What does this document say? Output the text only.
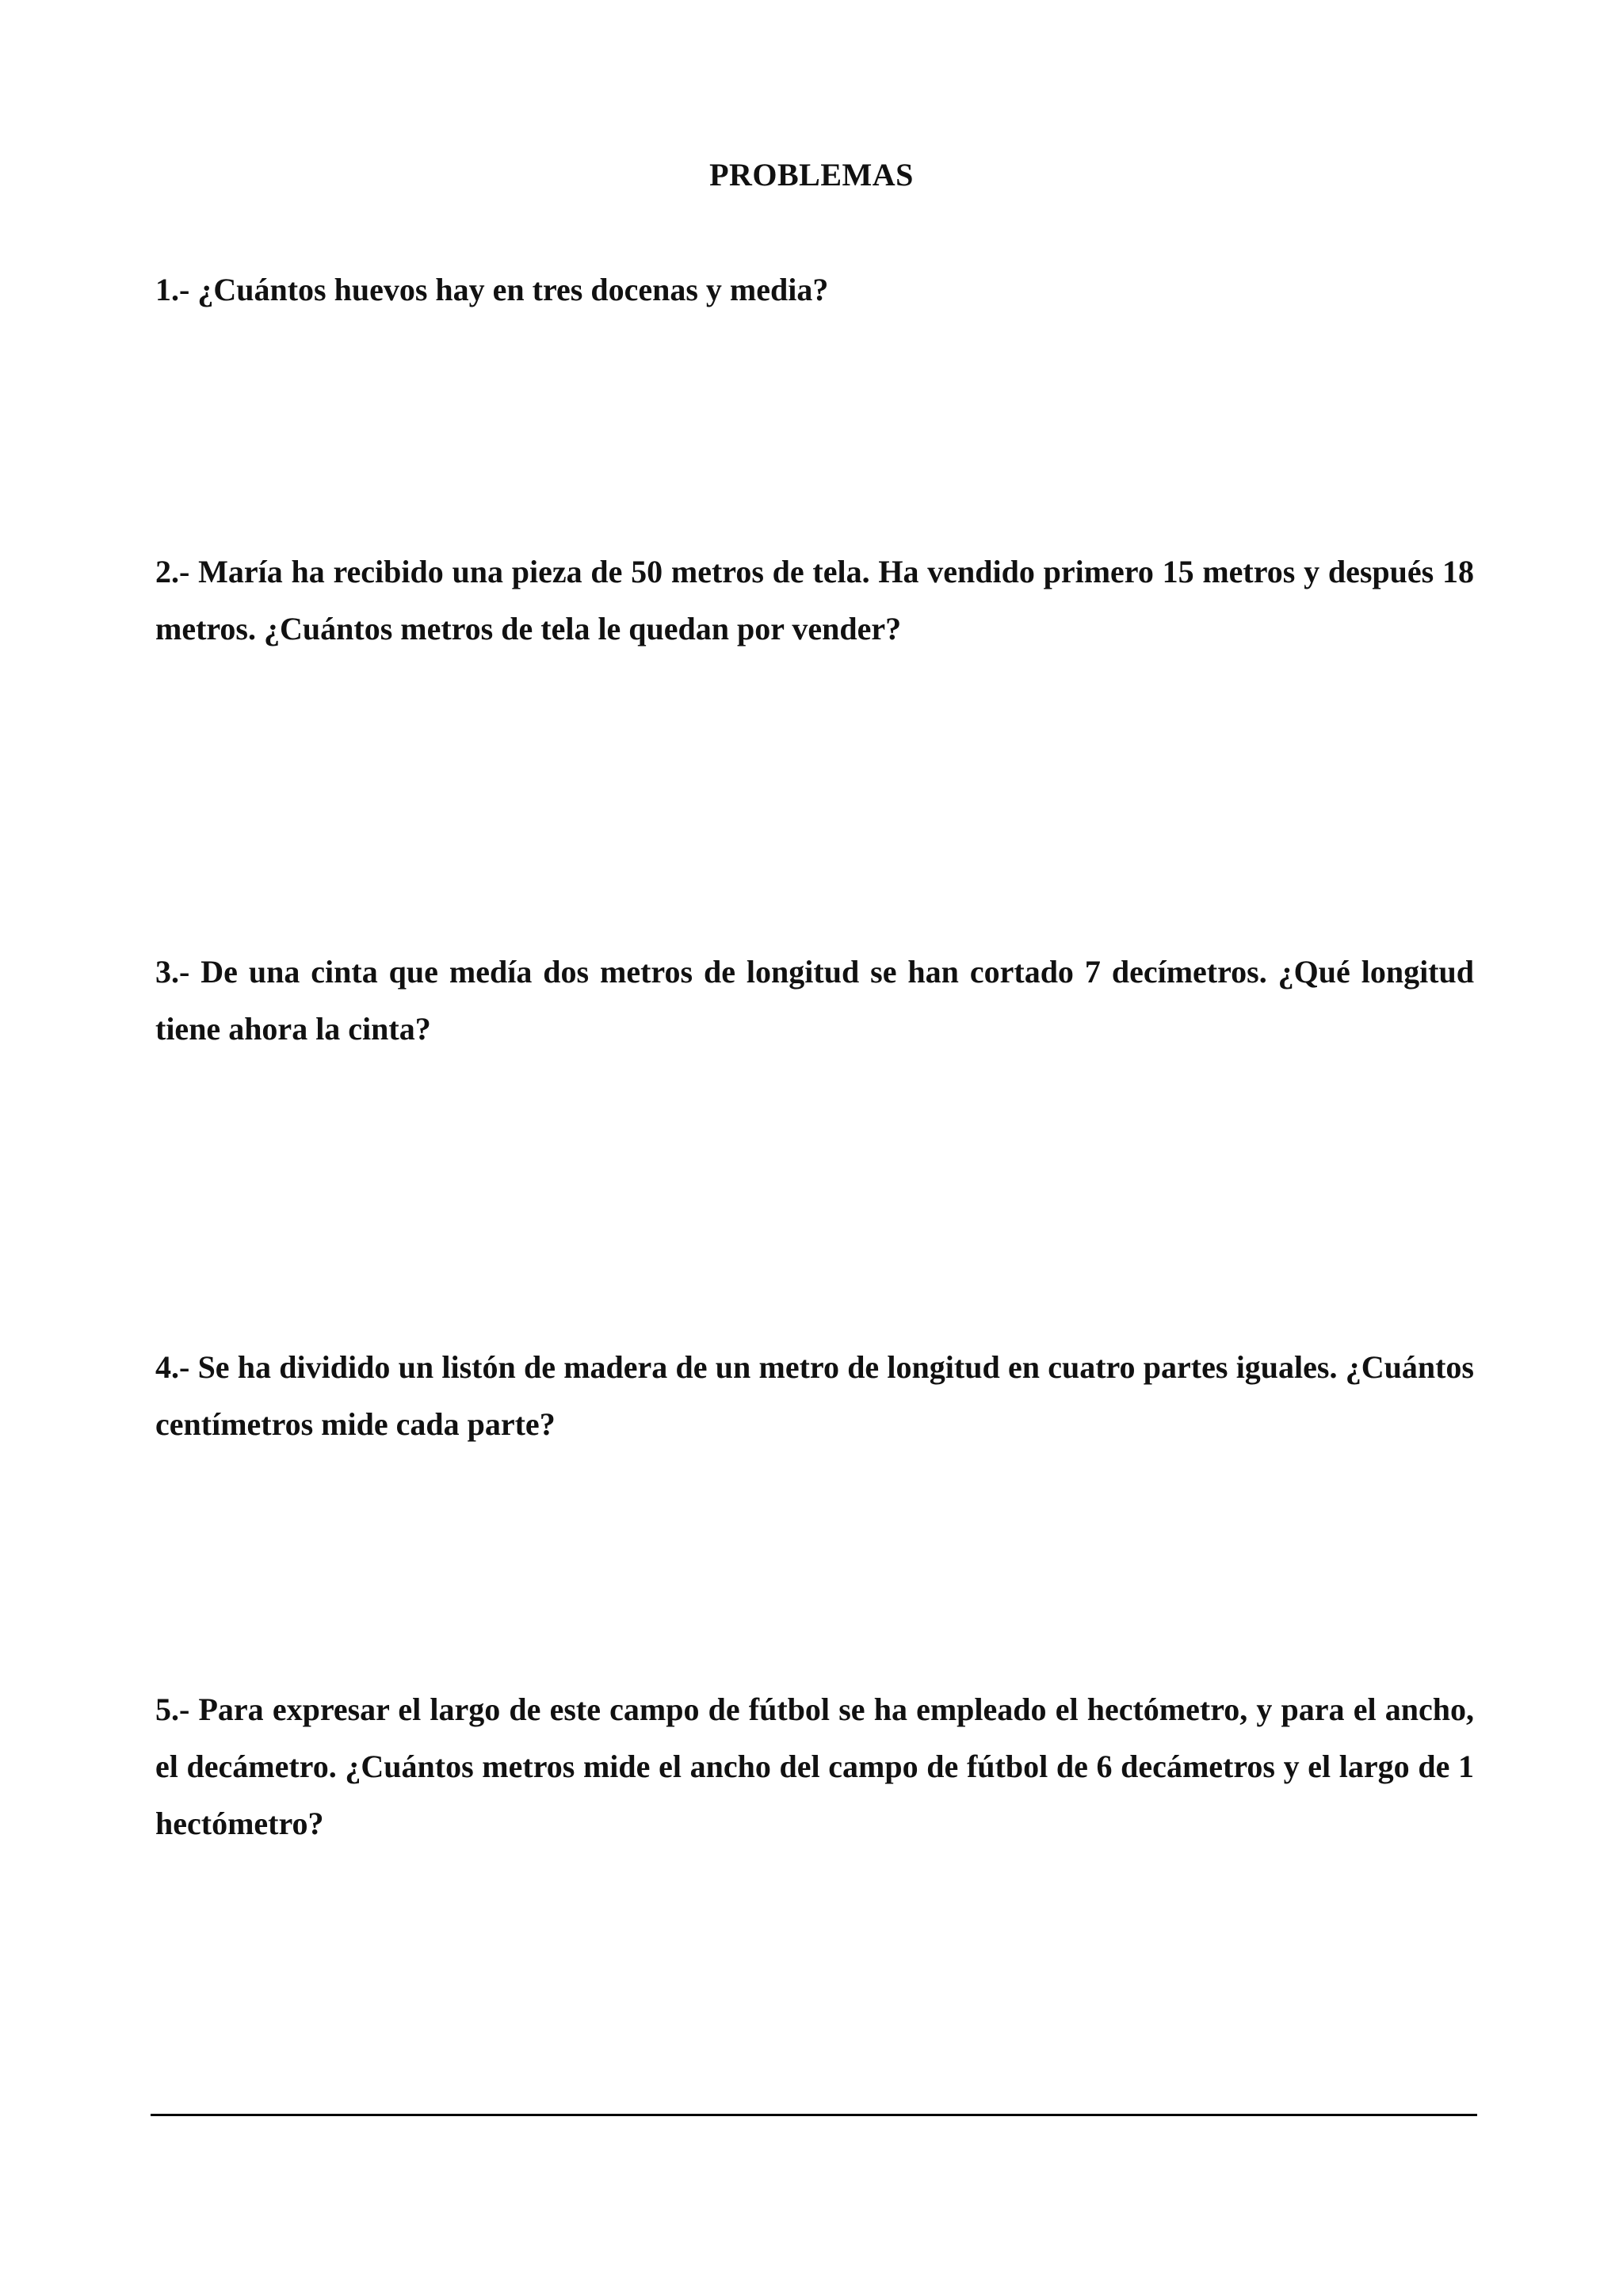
PROBLEMAS

1.- ¿Cuántos huevos hay en tres docenas y media?

2.- María ha recibido una pieza de 50 metros de tela. Ha vendido primero 15 metros y después 18 metros. ¿Cuántos metros de tela le quedan por vender?

3.- De una cinta que medía dos metros de longitud se han cortado 7 decímetros. ¿Qué longitud tiene ahora la cinta?

4.- Se ha dividido un listón de madera de un metro de longitud en cuatro partes iguales. ¿Cuántos centímetros mide cada parte?

5.- Para expresar el largo de este campo de fútbol se ha empleado el hectómetro, y para el ancho, el decámetro. ¿Cuántos metros mide el ancho del campo de fútbol de 6 decámetros y el largo de 1 hectómetro?
